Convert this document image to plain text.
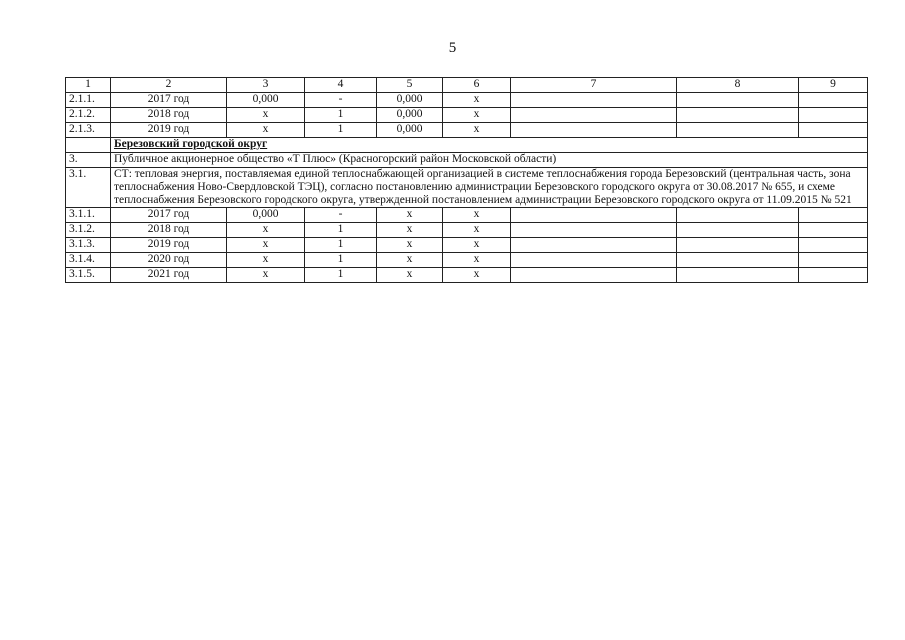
5
1	2	3	4	5	6	7	8	9
2.1.1.	2017 год	0,000	-	0,000	x			
2.1.2.	2018 год	x	1	0,000	x			
2.1.3.	2019 год	x	1	0,000	x			
	Березовский городской округ							
3.	Публичное акционерное общество «Т Плюс» (Красногорский район Московской области)							
3.1.	СТ: тепловая энергия, поставляемая единой теплоснабжающей организацией в системе теплоснабжения города Березовский (центральная часть, зона теплоснабжения Ново-Свердловской ТЭЦ), согласно постановлению администрации Березовского городского округа от 30.08.2017 № 655, и схеме теплоснабжения Березовского городского округа, утвержденной постановлением администрации Березовского городского округа от 11.09.2015 № 521							
3.1.1.	2017 год	0,000	-	x	x			
3.1.2.	2018 год	x	1	x	x			
3.1.3.	2019 год	x	1	x	x			
3.1.4.	2020 год	x	1	x	x			
3.1.5.	2021 год	x	1	x	x			
